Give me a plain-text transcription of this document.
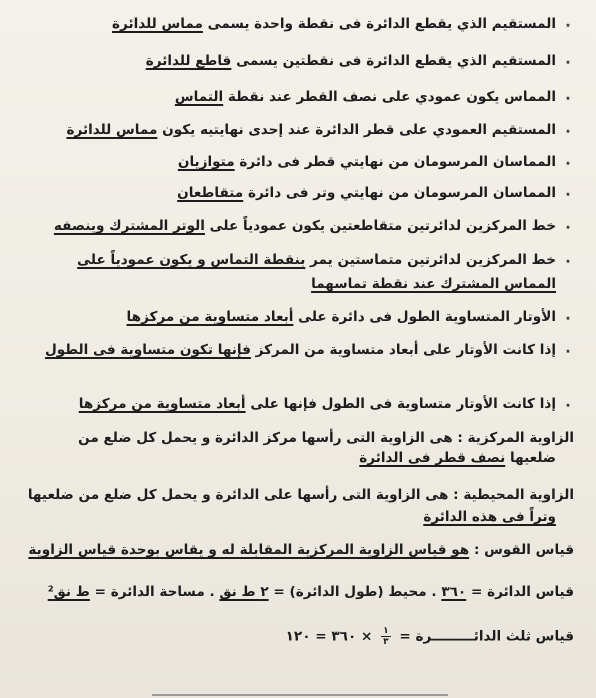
٭المستقيم الذي يقطع الدائرة فى نقطة واحدة يسمى مماس للدائرة
٭المستقيم الذي يقطع الدائرة فى نقطتين يسمى قاطع للدائرة
٭المماس يكون عمودي على نصف القطر عند نقطة التماس
٭المستقيم العمودي على قطر الدائرة عند إحدى نهايتيه يكون مماس للدائرة
٭المماسان المرسومان من نهايتي قطر فى دائرة متوازيان
٭المماسان المرسومان من نهايتي وتر فى دائرة متقاطعان
٭خط المركزين لدائرتين متقاطعتين يكون عمودياً على الوتر المشترك وينصفه
٭خط المركزين لدائرتين متماستين يمر بنقطة التماس و يكون عمودياً على
المماس المشترك عند نقطة تماسهما
٭الأوتار المتساوية الطول فى دائرة على أبعاد متساوية من مركزها
٭إذا كانت الأوتار على أبعاد متساوية من المركز فإنها تكون متساوية فى الطول
٭إذا كانت الأوتار متساوية فى الطول فإنها على أبعاد متساوية من مركزها
الزاوية المركزية : هى الزاوية التى رأسها مركز الدائرة و يحمل كل ضلع من
ضلعيها نصف قطر فى الدائرة
الزاوية المحيطية : هى الزاوية التى رأسها على الدائرة و يحمل كل ضلع من ضلعيها
وتراً فى هذه الدائرة
قياس القوس : هو قياس الزاوية المركزية المقابلة له و يقاس بوحدة قياس الزاوية
قياس الدائرة = ٣٦٠ . محيط (طول الدائرة) = ٢ ط نق . مساحة الدائرة = ط نق²
قياس ثلث الدائـــــــــرة =
$\frac{١}{٣}$
× ٣٦٠ = ١٢٠
